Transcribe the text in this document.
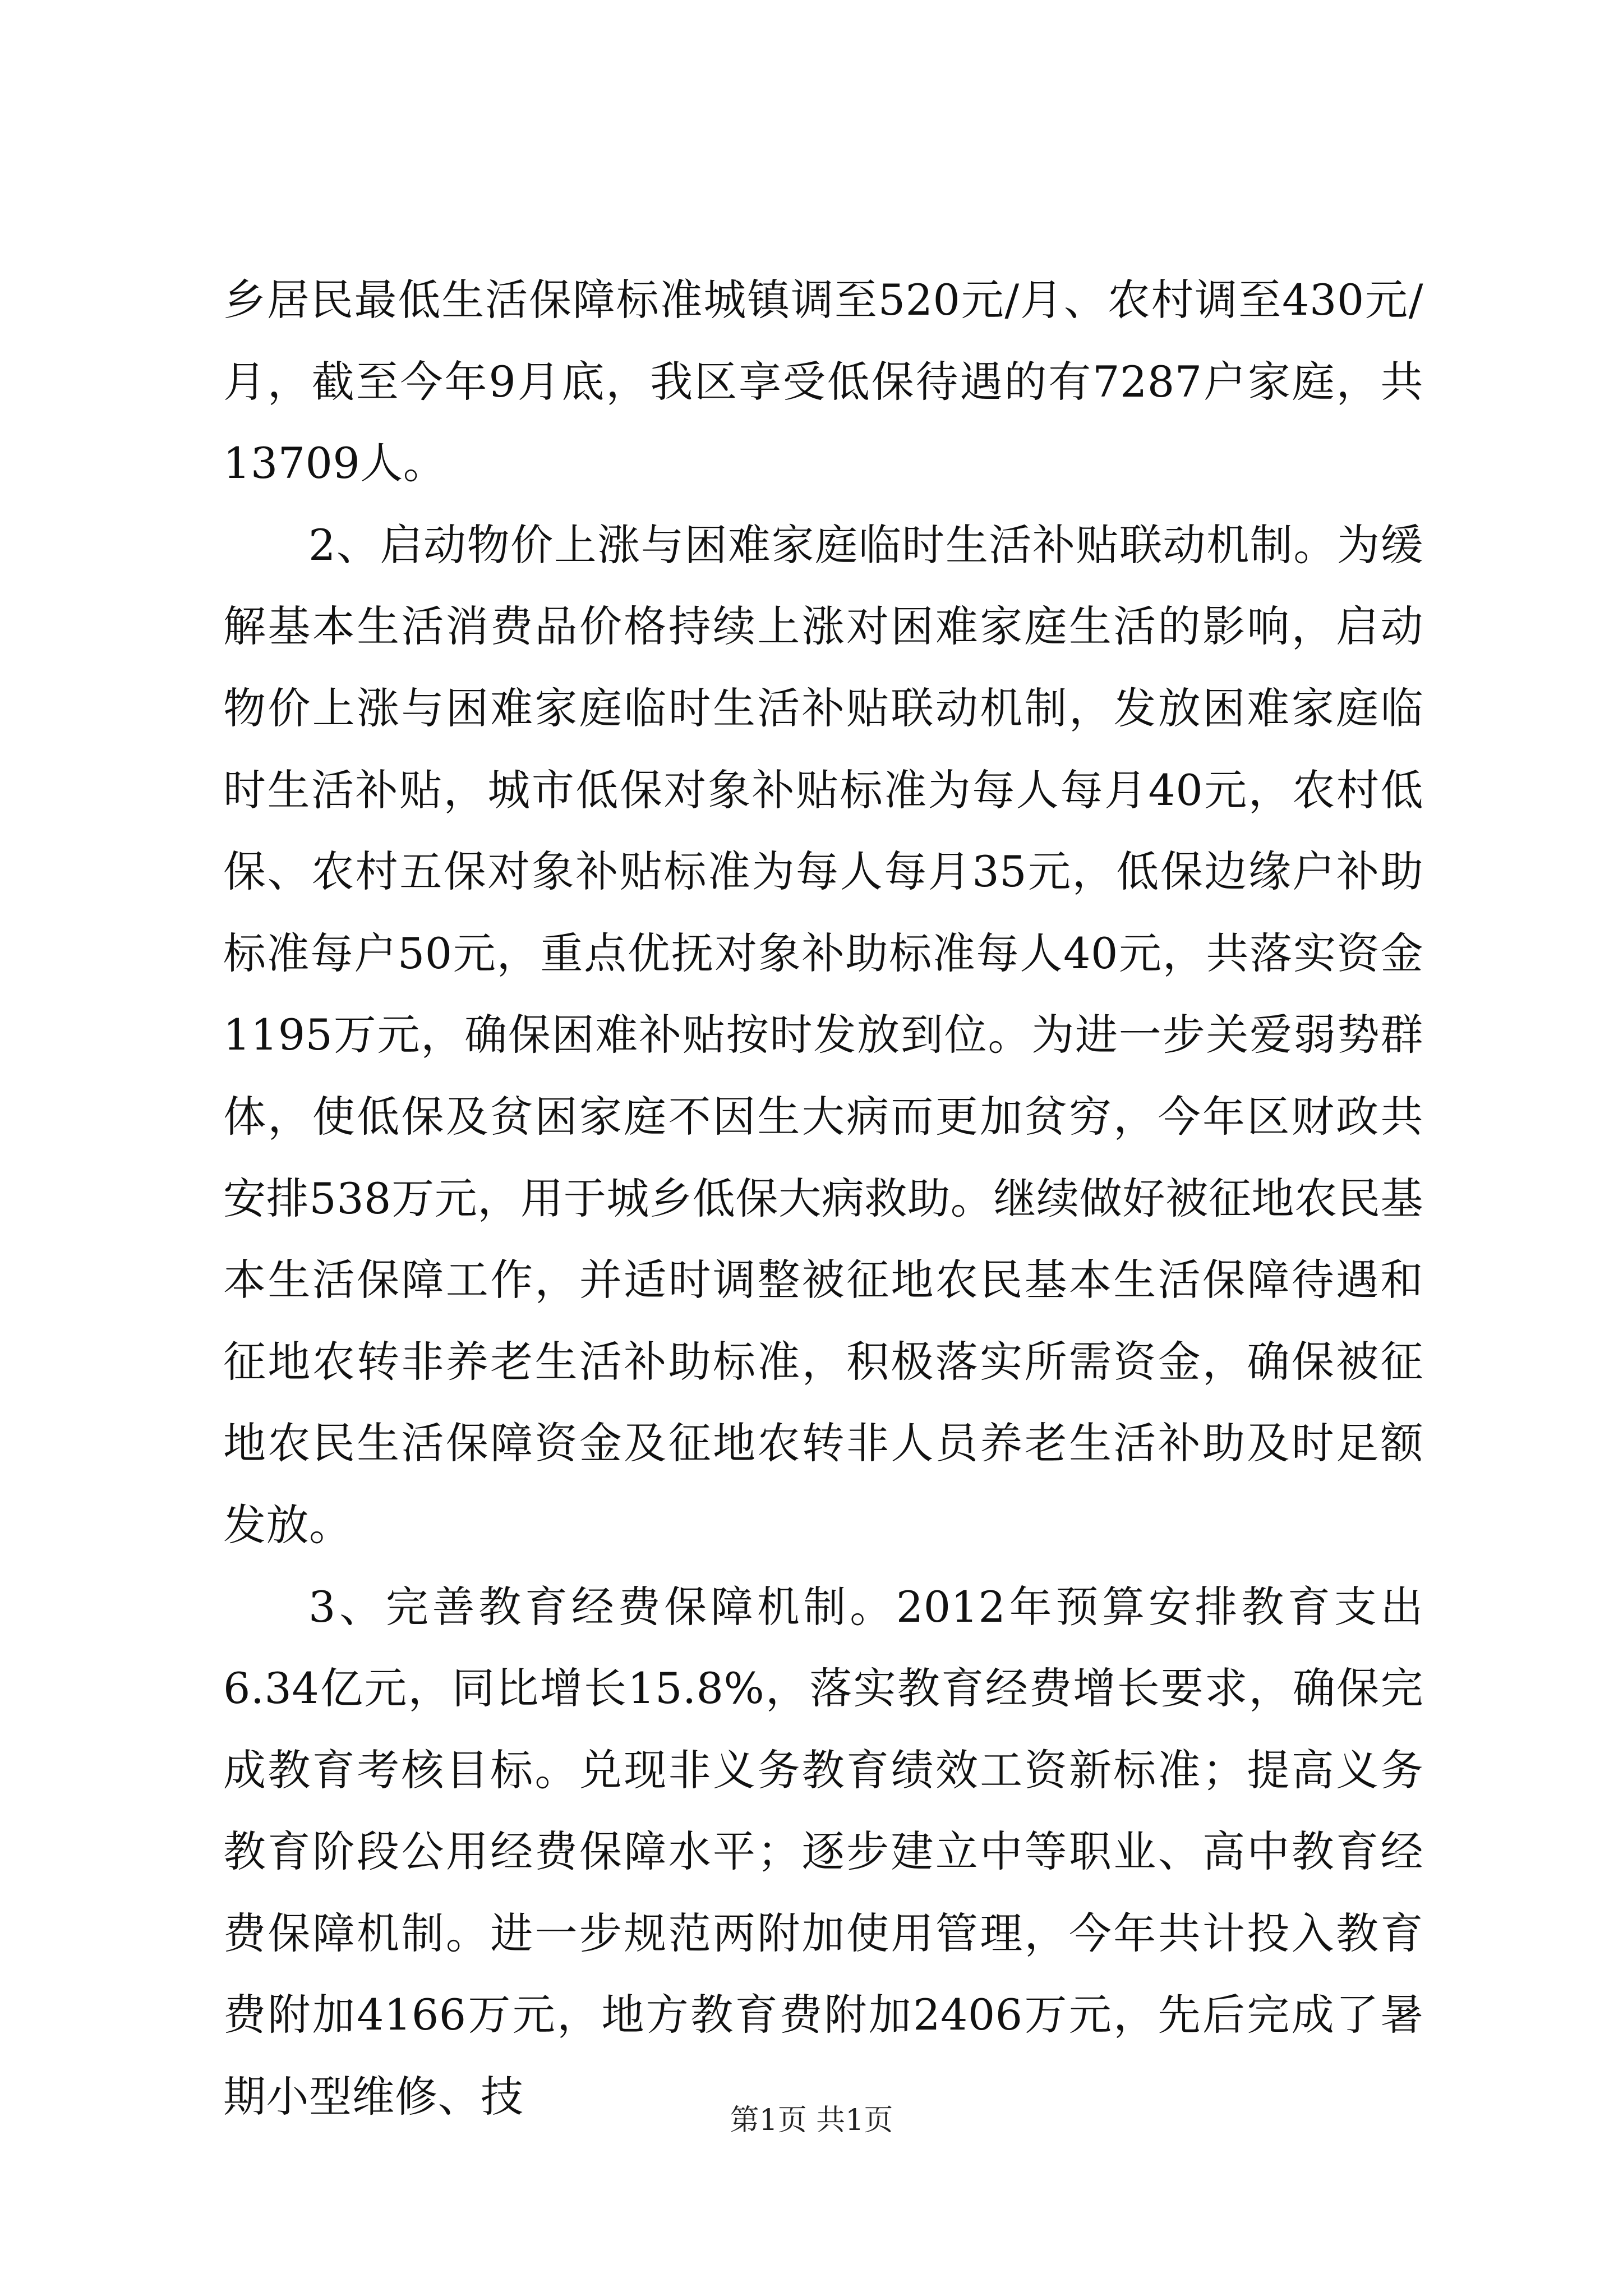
乡居民最低生活保障标准城镇调至520元/月、农村调至430元/月，截至今年9月底，我区享受低保待遇的有7287户家庭，共13709人。

2、启动物价上涨与困难家庭临时生活补贴联动机制。为缓解基本生活消费品价格持续上涨对困难家庭生活的影响，启动物价上涨与困难家庭临时生活补贴联动机制，发放困难家庭临时生活补贴，城市低保对象补贴标准为每人每月40元，农村低保、农村五保对象补贴标准为每人每月35元，低保边缘户补助标准每户50元，重点优抚对象补助标准每人40元，共落实资金1195万元，确保困难补贴按时发放到位。为进一步关爱弱势群体，使低保及贫困家庭不因生大病而更加贫穷，今年区财政共安排538万元，用于城乡低保大病救助。继续做好被征地农民基本生活保障工作，并适时调整被征地农民基本生活保障待遇和征地农转非养老生活补助标准，积极落实所需资金，确保被征地农民生活保障资金及征地农转非人员养老生活补助及时足额发放。

3、完善教育经费保障机制。2012年预算安排教育支出6.34亿元，同比增长15.8%，落实教育经费增长要求，确保完成教育考核目标。兑现非义务教育绩效工资新标准；提高义务教育阶段公用经费保障水平；逐步建立中等职业、高中教育经费保障机制。进一步规范两附加使用管理，今年共计投入教育费附加4166万元，地方教育费附加2406万元，先后完成了暑期小型维修、技	第1页 共1页
